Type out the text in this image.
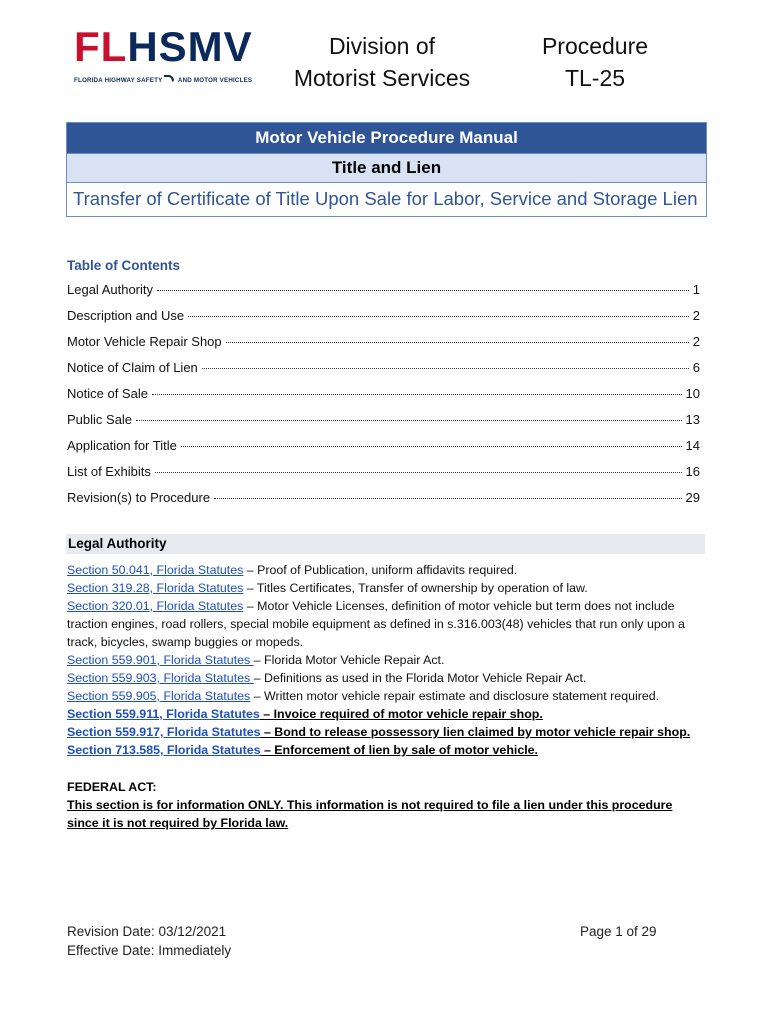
FLHSMV
FLORIDA HIGHWAY SAFETY	AND MOTOR VEHICLES
Division of
Motorist Services
Procedure
TL-25
Motor Vehicle Procedure Manual
Title and Lien
Transfer of Certificate of Title Upon Sale for Labor, Service and Storage Lien
Table of Contents
Legal Authority	1
Description and Use	2
Motor Vehicle Repair Shop	2
Notice of Claim of Lien	6
Notice of Sale	10
Public Sale	13
Application for Title	14
List of Exhibits	16
Revision(s) to Procedure	29
Legal Authority
Section 50.041, Florida Statutes – Proof of Publication, uniform affidavits required.
Section 319.28, Florida Statutes – Titles Certificates, Transfer of ownership by operation of law.
Section 320.01, Florida Statutes – Motor Vehicle Licenses, definition of motor vehicle but term does not include traction engines, road rollers, special mobile equipment as defined in s.316.003(48) vehicles that run only upon a track, bicycles, swamp buggies or mopeds.
Section 559.901, Florida Statutes – Florida Motor Vehicle Repair Act.
Section 559.903, Florida Statutes – Definitions as used in the Florida Motor Vehicle Repair Act.
Section 559.905, Florida Statutes – Written motor vehicle repair estimate and disclosure statement required.
Section 559.911, Florida Statutes – Invoice required of motor vehicle repair shop.
Section 559.917, Florida Statutes – Bond to release possessory lien claimed by motor vehicle repair shop.
Section 713.585, Florida Statutes – Enforcement of lien by sale of motor vehicle.
FEDERAL ACT:
This section is for information ONLY. This information is not required to file a lien under this procedure since it is not required by Florida law.
Revision Date: 03/12/2021
Effective Date: Immediately
Page 1 of 29
